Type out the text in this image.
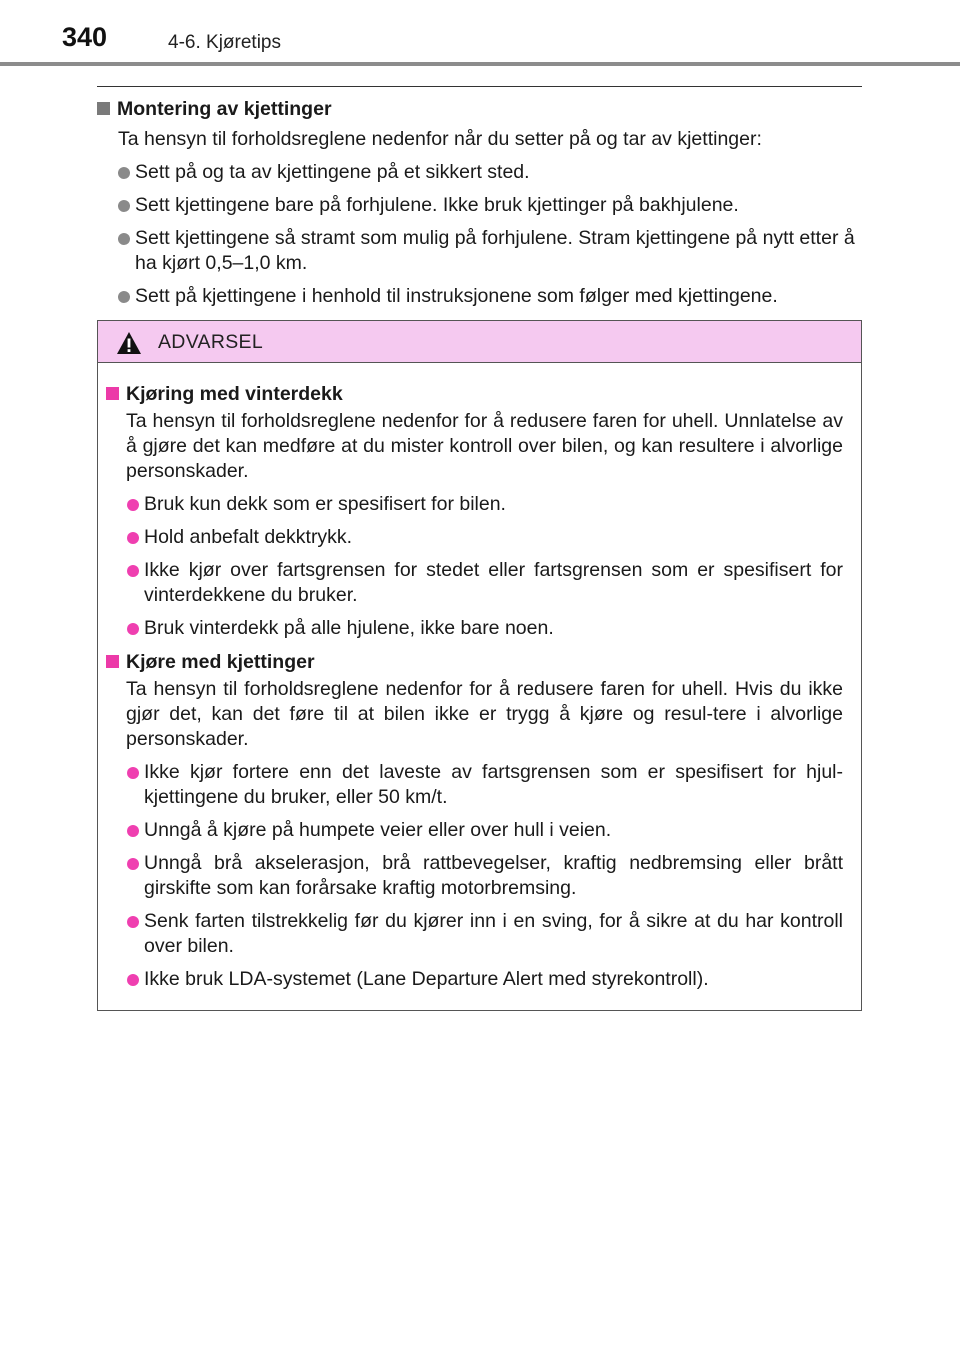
340	4-6. Kjøretips
Montering av kjettinger
Ta hensyn til forholdsreglene nedenfor når du setter på og tar av kjettinger:
Sett på og ta av kjettingene på et sikkert sted.
Sett kjettingene bare på forhjulene. Ikke bruk kjettinger på bakhjulene.
Sett kjettingene så stramt som mulig på forhjulene. Stram kjettingene på nytt etter å ha kjørt 0,5–1,0 km.
Sett på kjettingene i henhold til instruksjonene som følger med kjettingene.
ADVARSEL
Kjøring med vinterdekk
Ta hensyn til forholdsreglene nedenfor for å redusere faren for uhell. Unnlatelse av å gjøre det kan medføre at du mister kontroll over bilen, og kan resultere i alvorlige personskader.
Bruk kun dekk som er spesifisert for bilen.
Hold anbefalt dekktrykk.
Ikke kjør over fartsgrensen for stedet eller fartsgrensen som er spesifisert for vinterdekkene du bruker.
Bruk vinterdekk på alle hjulene, ikke bare noen.
Kjøre med kjettinger
Ta hensyn til forholdsreglene nedenfor for å redusere faren for uhell. Hvis du ikke gjør det, kan det føre til at bilen ikke er trygg å kjøre og resul-tere i alvorlige personskader.
Ikke kjør fortere enn det laveste av fartsgrensen som er spesifisert for hjul-kjettingene du bruker, eller 50 km/t.
Unngå å kjøre på humpete veier eller over hull i veien.
Unngå brå akselerasjon, brå rattbevegelser, kraftig nedbremsing eller brått girskifte som kan forårsake kraftig motorbremsing.
Senk farten tilstrekkelig før du kjører inn i en sving, for å sikre at du har kontroll over bilen.
Ikke bruk LDA-systemet (Lane Departure Alert med styrekontroll).
